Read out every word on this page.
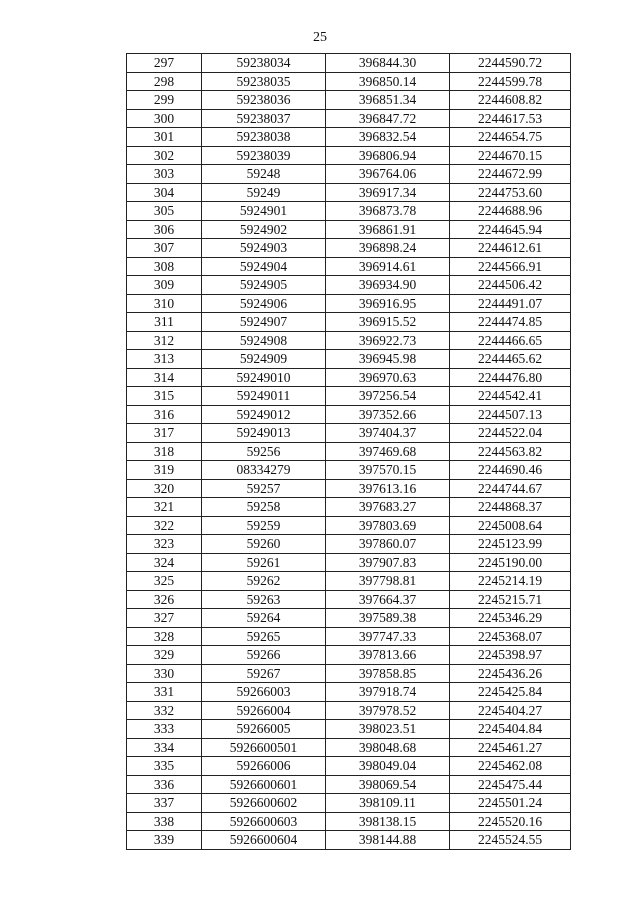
25
297	59238034	396844.30	2244590.72
298	59238035	396850.14	2244599.78
299	59238036	396851.34	2244608.82
300	59238037	396847.72	2244617.53
301	59238038	396832.54	2244654.75
302	59238039	396806.94	2244670.15
303	59248	396764.06	2244672.99
304	59249	396917.34	2244753.60
305	5924901	396873.78	2244688.96
306	5924902	396861.91	2244645.94
307	5924903	396898.24	2244612.61
308	5924904	396914.61	2244566.91
309	5924905	396934.90	2244506.42
310	5924906	396916.95	2244491.07
311	5924907	396915.52	2244474.85
312	5924908	396922.73	2244466.65
313	5924909	396945.98	2244465.62
314	59249010	396970.63	2244476.80
315	59249011	397256.54	2244542.41
316	59249012	397352.66	2244507.13
317	59249013	397404.37	2244522.04
318	59256	397469.68	2244563.82
319	08334279	397570.15	2244690.46
320	59257	397613.16	2244744.67
321	59258	397683.27	2244868.37
322	59259	397803.69	2245008.64
323	59260	397860.07	2245123.99
324	59261	397907.83	2245190.00
325	59262	397798.81	2245214.19
326	59263	397664.37	2245215.71
327	59264	397589.38	2245346.29
328	59265	397747.33	2245368.07
329	59266	397813.66	2245398.97
330	59267	397858.85	2245436.26
331	59266003	397918.74	2245425.84
332	59266004	397978.52	2245404.27
333	59266005	398023.51	2245404.84
334	5926600501	398048.68	2245461.27
335	59266006	398049.04	2245462.08
336	5926600601	398069.54	2245475.44
337	5926600602	398109.11	2245501.24
338	5926600603	398138.15	2245520.16
339	5926600604	398144.88	2245524.55
